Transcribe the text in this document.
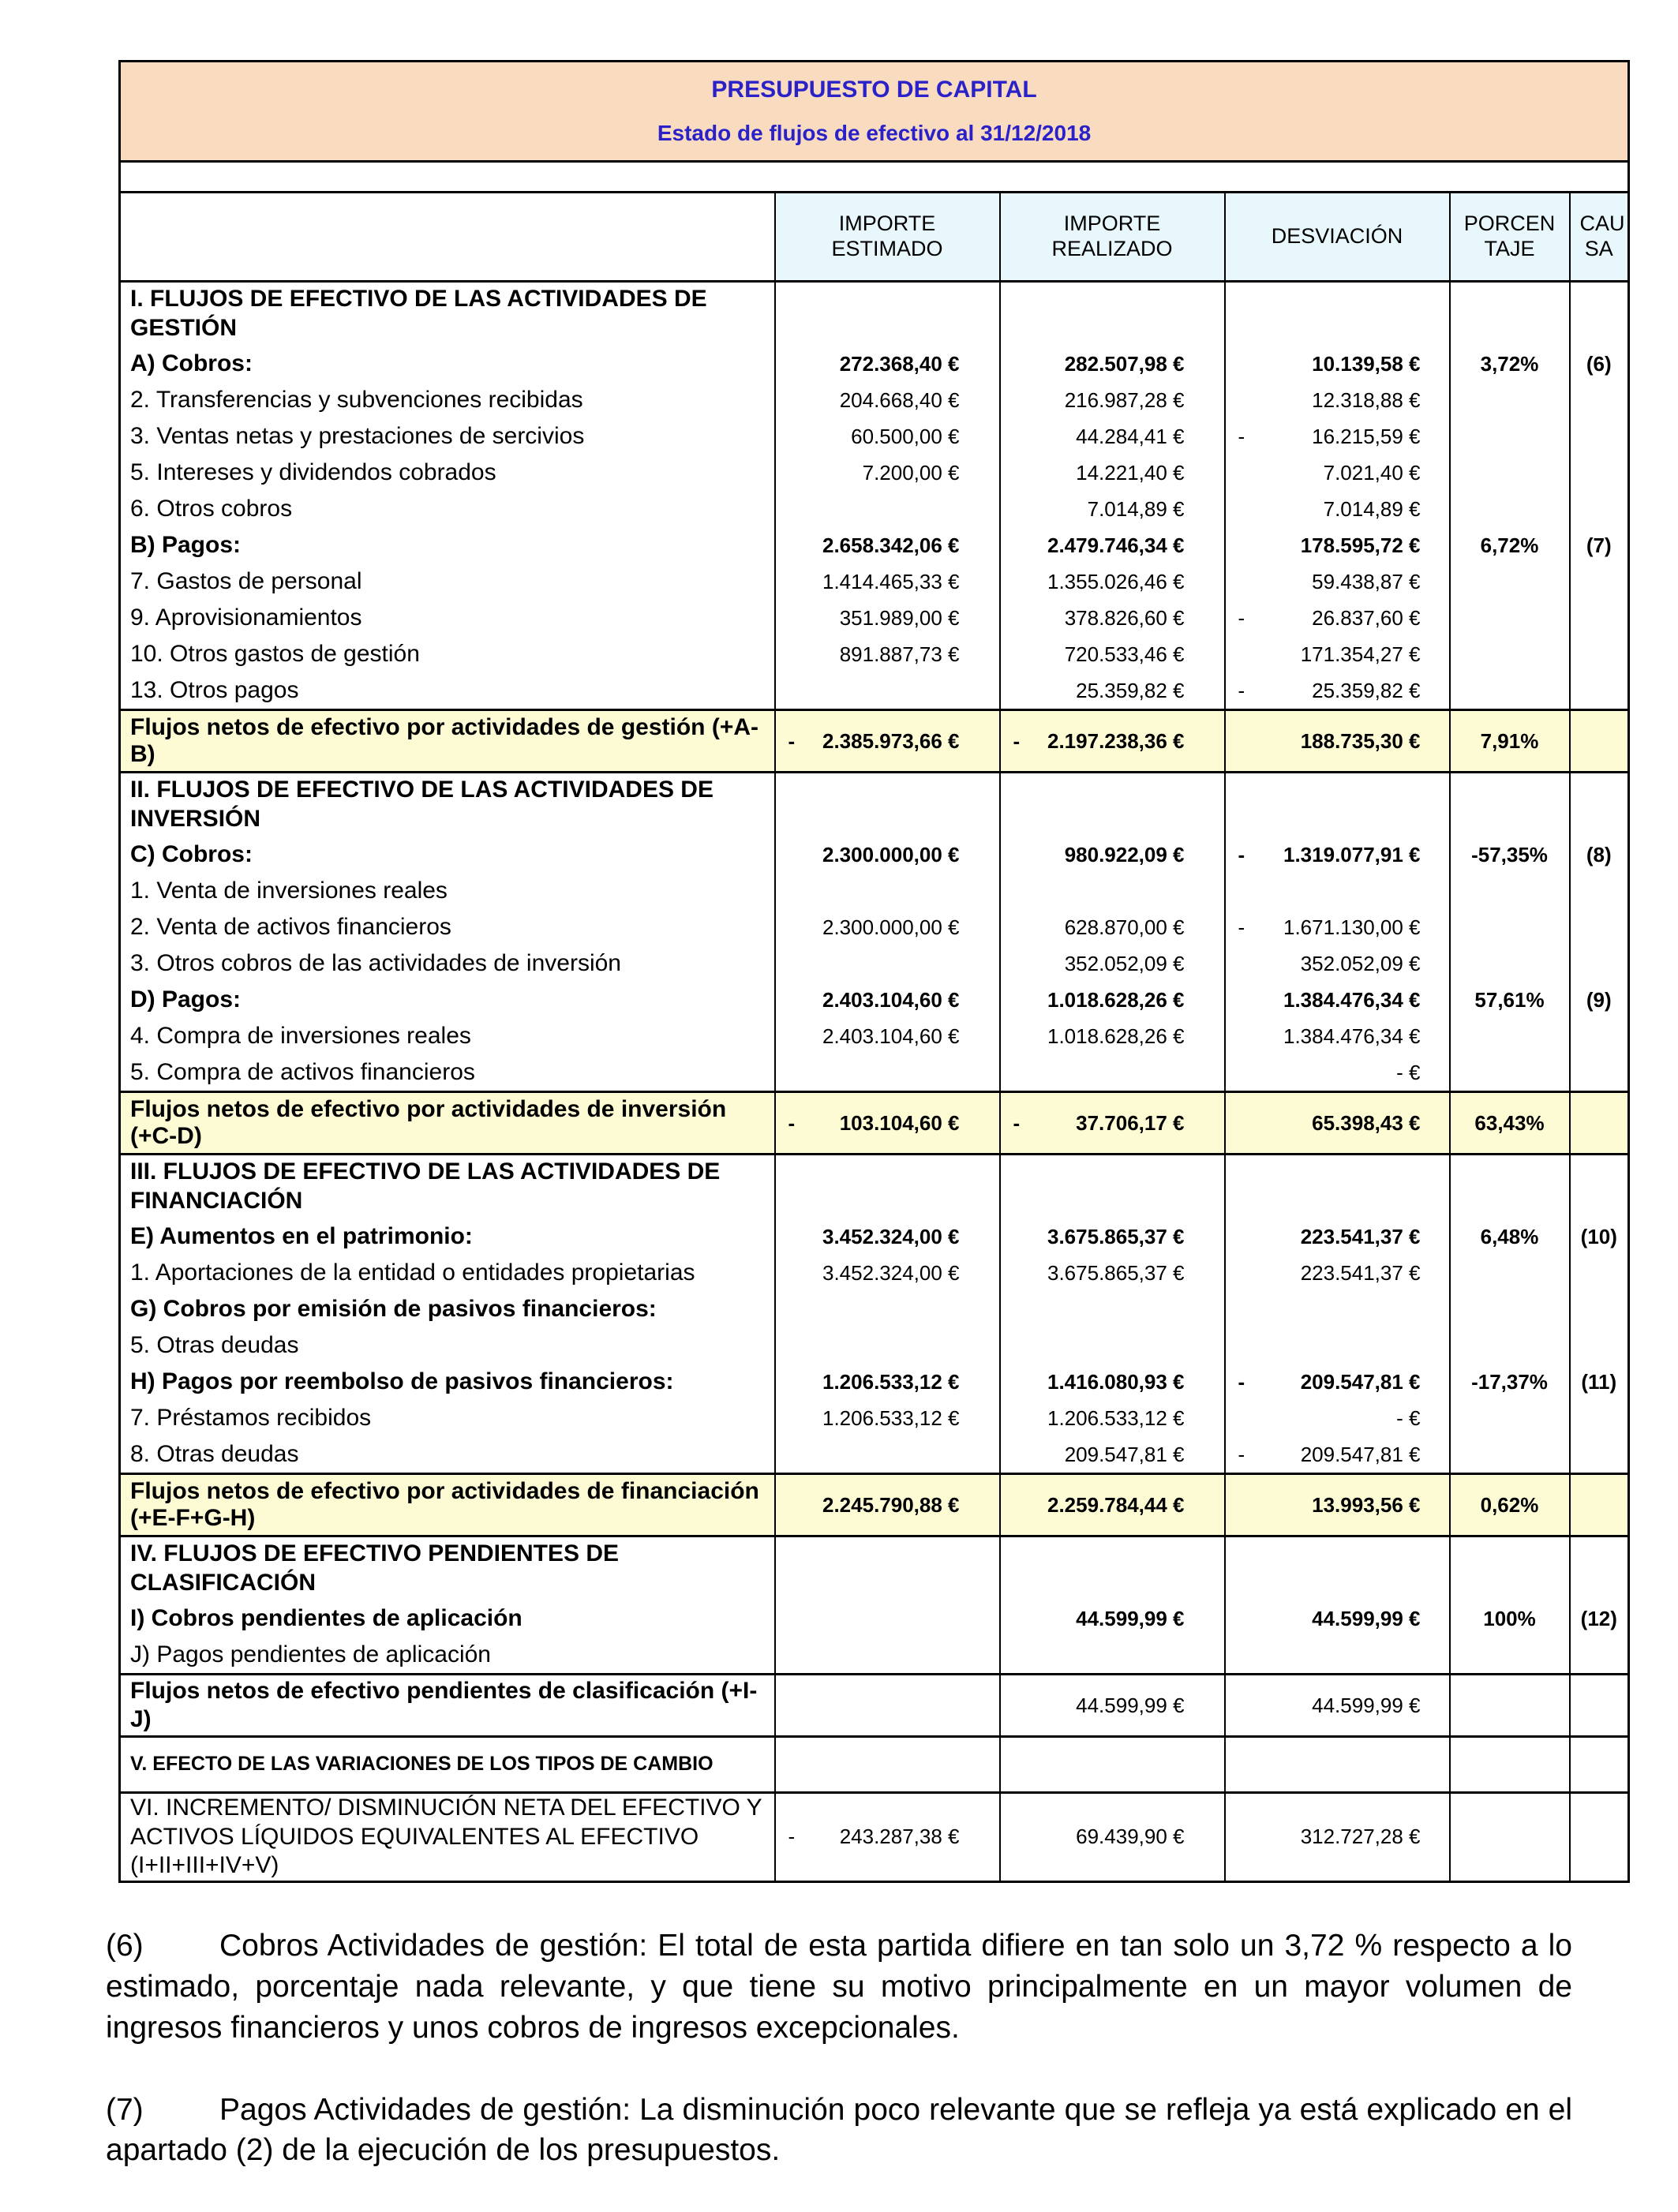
PRESUPUESTO DE CAPITAL
Estado de flujos de efectivo al 31/12/2018					

	IMPORTE ESTIMADO	IMPORTE REALIZADO	DESVIACIÓN	PORCEN TAJE	CAU SA
I. FLUJOS DE EFECTIVO DE LAS ACTIVIDADES DE GESTIÓN					
A) Cobros:	272.368,40 €	282.507,98 €	10.139,58 €	3,72%	(6)
2. Transferencias y subvenciones recibidas	204.668,40 €	216.987,28 €	12.318,88 €		
3. Ventas netas y prestaciones de sercivios	60.500,00 €	44.284,41 €	- 16.215,59 €		
5. Intereses y dividendos cobrados	7.200,00 €	14.221,40 €	7.021,40 €		
6. Otros cobros		7.014,89 €	7.014,89 €		
B) Pagos:	2.658.342,06 €	2.479.746,34 €	178.595,72 €	6,72%	(7)
7. Gastos de personal	1.414.465,33 €	1.355.026,46 €	59.438,87 €		
9. Aprovisionamientos	351.989,00 €	378.826,60 €	- 26.837,60 €		
10. Otros gastos de gestión	891.887,73 €	720.533,46 €	171.354,27 €		
13. Otros pagos		25.359,82 €	- 25.359,82 €		
Flujos netos de efectivo por actividades de gestión (+A-B)	- 2.385.973,66 €	- 2.197.238,36 €	188.735,30 €	7,91%	
II. FLUJOS DE EFECTIVO DE LAS ACTIVIDADES DE INVERSIÓN					
C) Cobros:	2.300.000,00 €	980.922,09 €	- 1.319.077,91 €	-57,35%	(8)
1. Venta de inversiones reales					
2. Venta de activos financieros	2.300.000,00 €	628.870,00 €	- 1.671.130,00 €		
3. Otros cobros de las actividades de inversión		352.052,09 €	352.052,09 €		
D) Pagos:	2.403.104,60 €	1.018.628,26 €	1.384.476,34 €	57,61%	(9)
4. Compra de inversiones reales	2.403.104,60 €	1.018.628,26 €	1.384.476,34 €		
5. Compra de activos financieros			- €		
Flujos netos de efectivo por actividades de inversión (+C-D)	- 103.104,60 €	- 37.706,17 €	65.398,43 €	63,43%	
III. FLUJOS DE EFECTIVO DE LAS ACTIVIDADES DE FINANCIACIÓN					
E) Aumentos en el patrimonio:	3.452.324,00 €	3.675.865,37 €	223.541,37 €	6,48%	(10)
1. Aportaciones de la entidad o entidades propietarias	3.452.324,00 €	3.675.865,37 €	223.541,37 €		
G) Cobros por emisión de pasivos financieros:					
5. Otras deudas					
H) Pagos por reembolso de pasivos financieros:	1.206.533,12 €	1.416.080,93 €	- 209.547,81 €	-17,37%	(11)
7. Préstamos recibidos	1.206.533,12 €	1.206.533,12 €	- €		
8. Otras deudas		209.547,81 €	- 209.547,81 €		
Flujos netos de efectivo por actividades de financiación (+E-F+G-H)	2.245.790,88 €	2.259.784,44 €	13.993,56 €	0,62%	
IV. FLUJOS DE EFECTIVO PENDIENTES DE CLASIFICACIÓN					
I) Cobros pendientes de aplicación		44.599,99 €	44.599,99 €	100%	(12)
J) Pagos pendientes de aplicación					
Flujos netos de efectivo pendientes de clasificación (+I-J)		44.599,99 €	44.599,99 €		
V. EFECTO DE LAS VARIACIONES DE LOS TIPOS DE CAMBIO					
VI. INCREMENTO/ DISMINUCIÓN NETA DEL EFECTIVO Y ACTIVOS LÍQUIDOS EQUIVALENTES AL EFECTIVO (I+II+III+IV+V)	- 243.287,38 €	69.439,90 €	312.727,28 €		

(6) Cobros Actividades de gestión: El total de esta partida difiere en tan solo un 3,72 % respecto a lo estimado, porcentaje nada relevante, y que tiene su motivo principalmente en un mayor volumen de ingresos financieros y unos cobros de ingresos excepcionales.

(7) Pagos Actividades de gestión: La disminución poco relevante que se refleja ya está explicado en el apartado (2) de la ejecución de los presupuestos.
